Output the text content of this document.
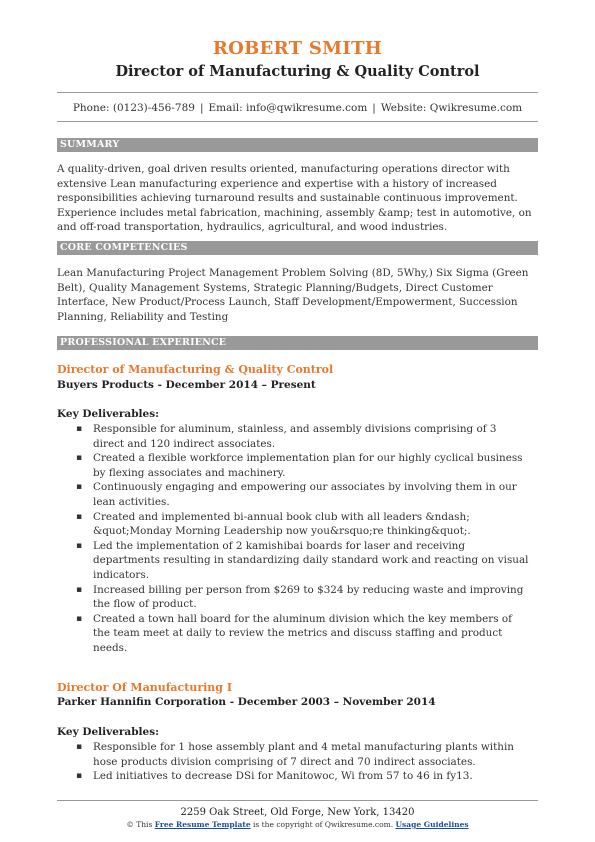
ROBERT SMITH
Director of Manufacturing & Quality Control
Phone: (0123)-456-789 | Email: info@qwikresume.com | Website: Qwikresume.com
SUMMARY
A quality-driven, goal driven results oriented, manufacturing operations director with extensive Lean manufacturing experience and expertise with a history of increased responsibilities achieving turnaround results and sustainable continuous improvement. Experience includes metal fabrication, machining, assembly &amp; test in automotive, on and off-road transportation, hydraulics, agricultural, and wood industries.
CORE COMPETENCIES
Lean Manufacturing Project Management Problem Solving (8D, 5Why,) Six Sigma (Green Belt), Quality Management Systems, Strategic Planning/Budgets, Direct Customer Interface, New Product/Process Launch, Staff Development/Empowerment, Succession Planning, Reliability and Testing
PROFESSIONAL EXPERIENCE
Director of Manufacturing & Quality Control
Buyers Products - December 2014 – Present
Key Deliverables:
▪ Responsible for aluminum, stainless, and assembly divisions comprising of 3 direct and 120 indirect associates.
▪ Created a flexible workforce implementation plan for our highly cyclical business by flexing associates and machinery.
▪ Continuously engaging and empowering our associates by involving them in our lean activities.
▪ Created and implemented bi-annual book club with all leaders &ndash; &quot;Monday Morning Leadership now you&rsquo;re thinking&quot;.
▪ Led the implementation of 2 kamishibai boards for laser and receiving departments resulting in standardizing daily standard work and reacting on visual indicators.
▪ Increased billing per person from $269 to $324 by reducing waste and improving the flow of product.
▪ Created a town hall board for the aluminum division which the key members of the team meet at daily to review the metrics and discuss staffing and product needs.
Director Of Manufacturing I
Parker Hannifin Corporation - December 2003 – November 2014
Key Deliverables:
▪ Responsible for 1 hose assembly plant and 4 metal manufacturing plants within hose products division comprising of 7 direct and 70 indirect associates.
▪ Led initiatives to decrease DSi for Manitowoc, Wi from 57 to 46 in fy13.
2259 Oak Street, Old Forge, New York, 13420
© This Free Resume Template is the copyright of Qwikresume.com. Usage Guidelines
